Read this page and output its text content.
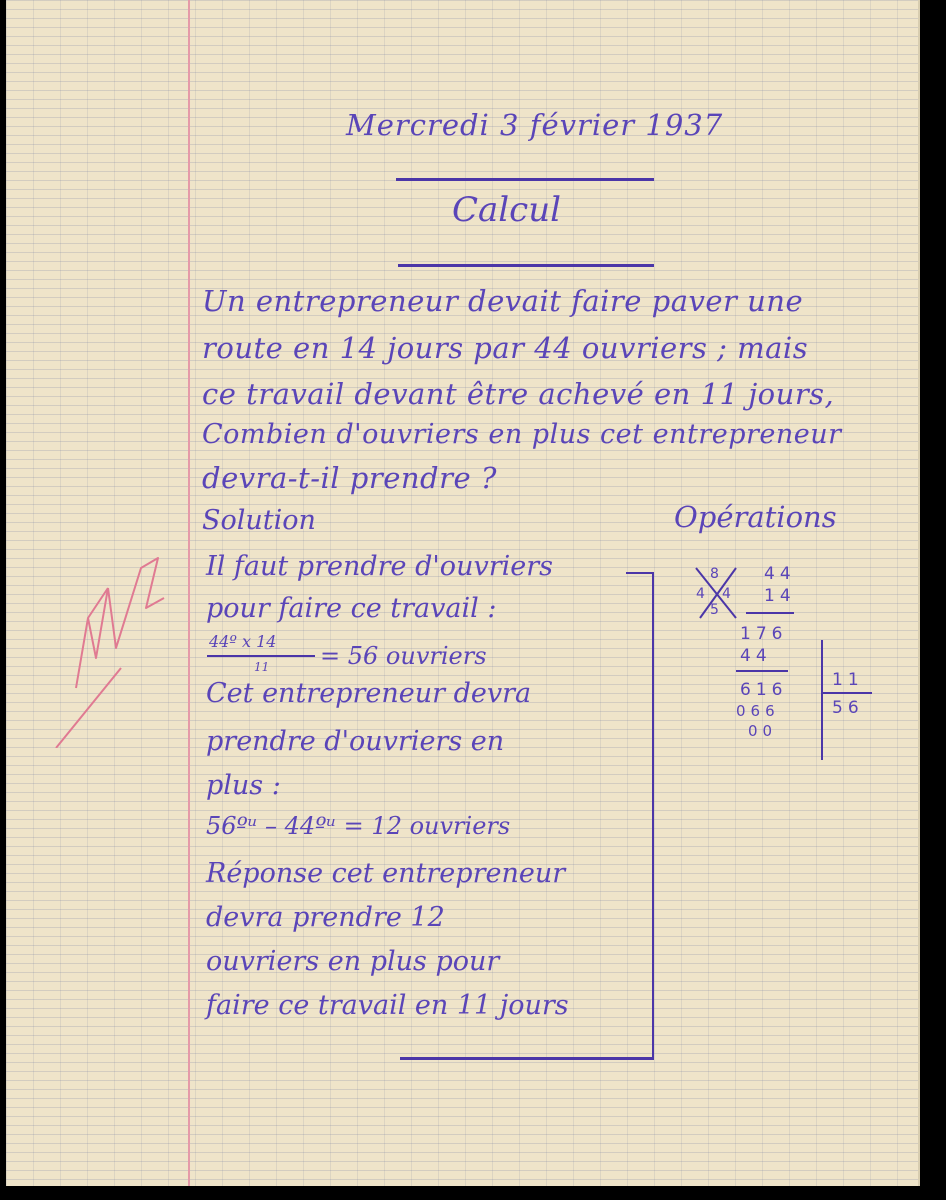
Mercredi 3 février 1937
Calcul
Un entrepreneur devait faire paver une
route en 14 jours par 44 ouvriers ; mais
ce travail devant être achevé en 11 jours,
Combien d'ouvriers en plus cet entrepreneur
devra-t-il prendre ?
Solution	Opérations
Il faut prendre d'ouvriers
pour faire ce travail :
44º x 14
11 = 56 ouvriers
Cet entrepreneur devra
prendre d'ouvriers en
plus :
56ºᵘ – 44ºᵘ = 12 ouvriers
Réponse cet entrepreneur
devra prendre 12
ouvriers en plus pour
faire ce travail en 11 jours
8
4 4
5
44
14
176
44
616
066
00
11
56
